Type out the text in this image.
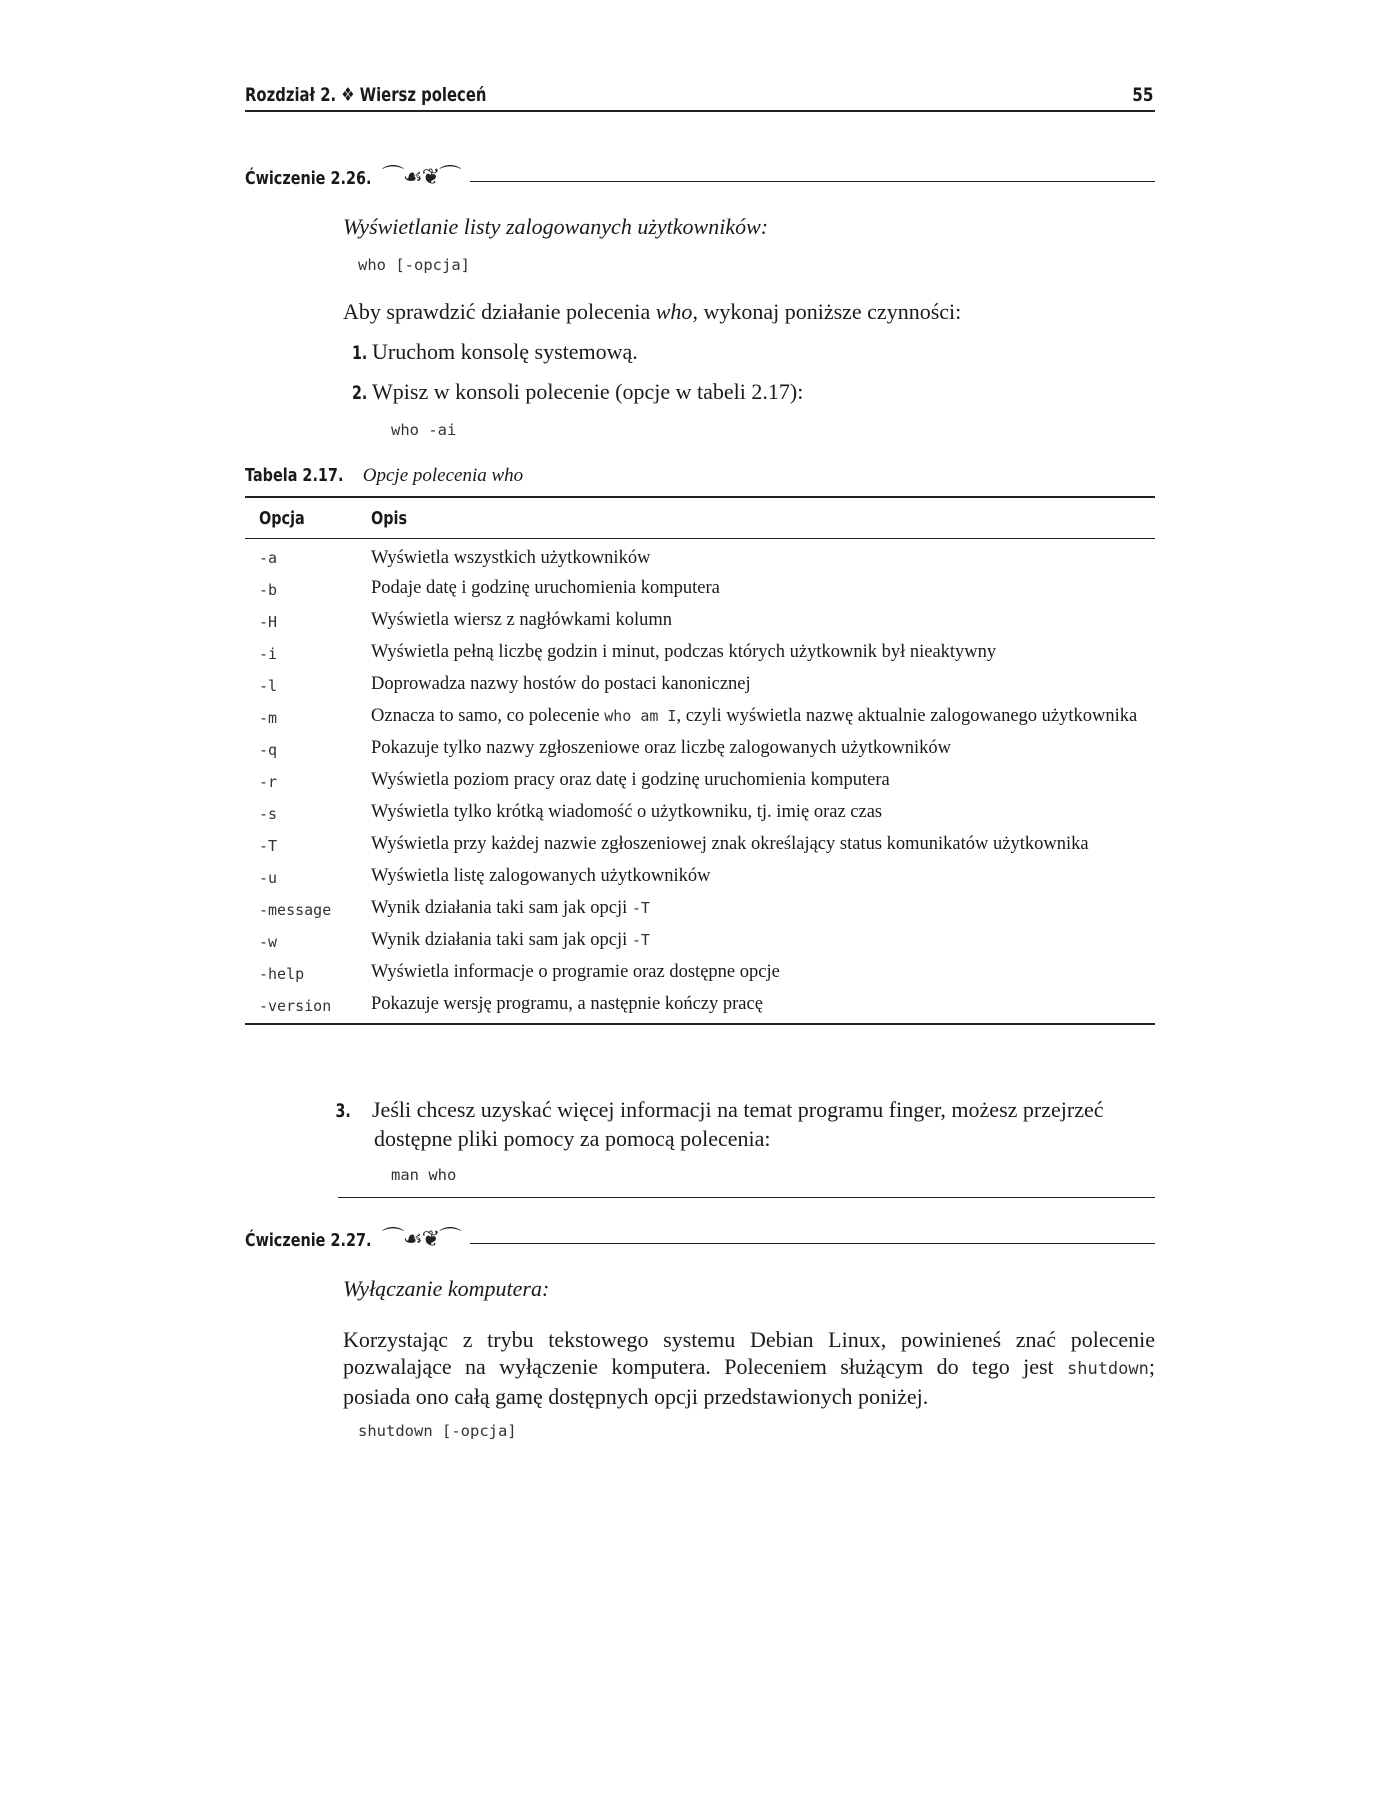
Rozdział 2. ❖ Wiersz poleceń	55
Ćwiczenie 2.26. ⌒☙❦⌒
Wyświetlanie listy zalogowanych użytkowników:
who [-opcja]
Aby sprawdzić działanie polecenia who, wykonaj poniższe czynności:
1. Uruchom konsolę systemową.
2. Wpisz w konsoli polecenie (opcje w tabeli 2.17):
who -ai
Tabela 2.17. Opcje polecenia who
Opcja	Opis
-a	Wyświetla wszystkich użytkowników
-b	Podaje datę i godzinę uruchomienia komputera
-H	Wyświetla wiersz z nagłówkami kolumn
-i	Wyświetla pełną liczbę godzin i minut, podczas których użytkownik był nieaktywny
-l	Doprowadza nazwy hostów do postaci kanonicznej
-m	Oznacza to samo, co polecenie who am I, czyli wyświetla nazwę aktualnie zalogowanego użytkownika
-q	Pokazuje tylko nazwy zgłoszeniowe oraz liczbę zalogowanych użytkowników
-r	Wyświetla poziom pracy oraz datę i godzinę uruchomienia komputera
-s	Wyświetla tylko krótką wiadomość o użytkowniku, tj. imię oraz czas
-T	Wyświetla przy każdej nazwie zgłoszeniowej znak określający status komunikatów użytkownika
-u	Wyświetla listę zalogowanych użytkowników
-message	Wynik działania taki sam jak opcji -T
-w	Wynik działania taki sam jak opcji -T
-help	Wyświetla informacje o programie oraz dostępne opcje
-version	Pokazuje wersję programu, a następnie kończy pracę
3. Jeśli chcesz uzyskać więcej informacji na temat programu finger, możesz przejrzeć dostępne pliki pomocy za pomocą polecenia:
man who
Ćwiczenie 2.27. ⌒☙❦⌒
Wyłączanie komputera:
Korzystając z trybu tekstowego systemu Debian Linux, powinieneś znać polecenie pozwalające na wyłączenie komputera. Poleceniem służącym do tego jest shutdown; posiada ono całą gamę dostępnych opcji przedstawionych poniżej.
shutdown [-opcja]
